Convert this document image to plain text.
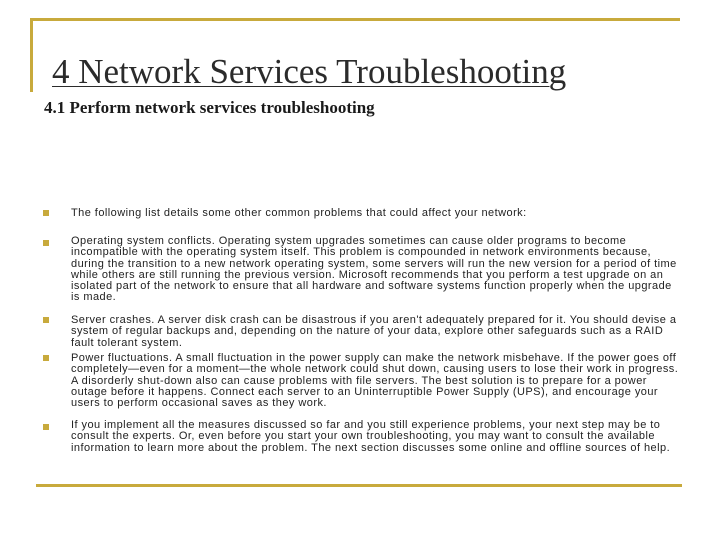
4 Network Services Troubleshooting
4.1 Perform network services troubleshooting

The following list details some other common problems that could affect your network:

Operating system conflicts. Operating system upgrades sometimes can cause older programs to become incompatible with the operating system itself. This problem is compounded in network environments because, during the transition to a new network operating system, some servers will run the new version for a period of time while others are still running the previous version. Microsoft recommends that you perform a test upgrade on an isolated part of the network to ensure that all hardware and software systems function properly when the upgrade is made.

Server crashes. A server disk crash can be disastrous if you aren't adequately prepared for it. You should devise a system of regular backups and, depending on the nature of your data, explore other safeguards such as a RAID fault tolerant system.

Power fluctuations. A small fluctuation in the power supply can make the network misbehave. If the power goes off completely—even for a moment—the whole network could shut down, causing users to lose their work in progress. A disorderly shut-down also can cause problems with file servers. The best solution is to prepare for a power outage before it happens. Connect each server to an Uninterruptible Power Supply (UPS), and encourage your users to perform occasional saves as they work.

If you implement all the measures discussed so far and you still experience problems, your next step may be to consult the experts. Or, even before you start your own troubleshooting, you may want to consult the available information to learn more about the problem. The next section discusses some online and offline sources of help.
